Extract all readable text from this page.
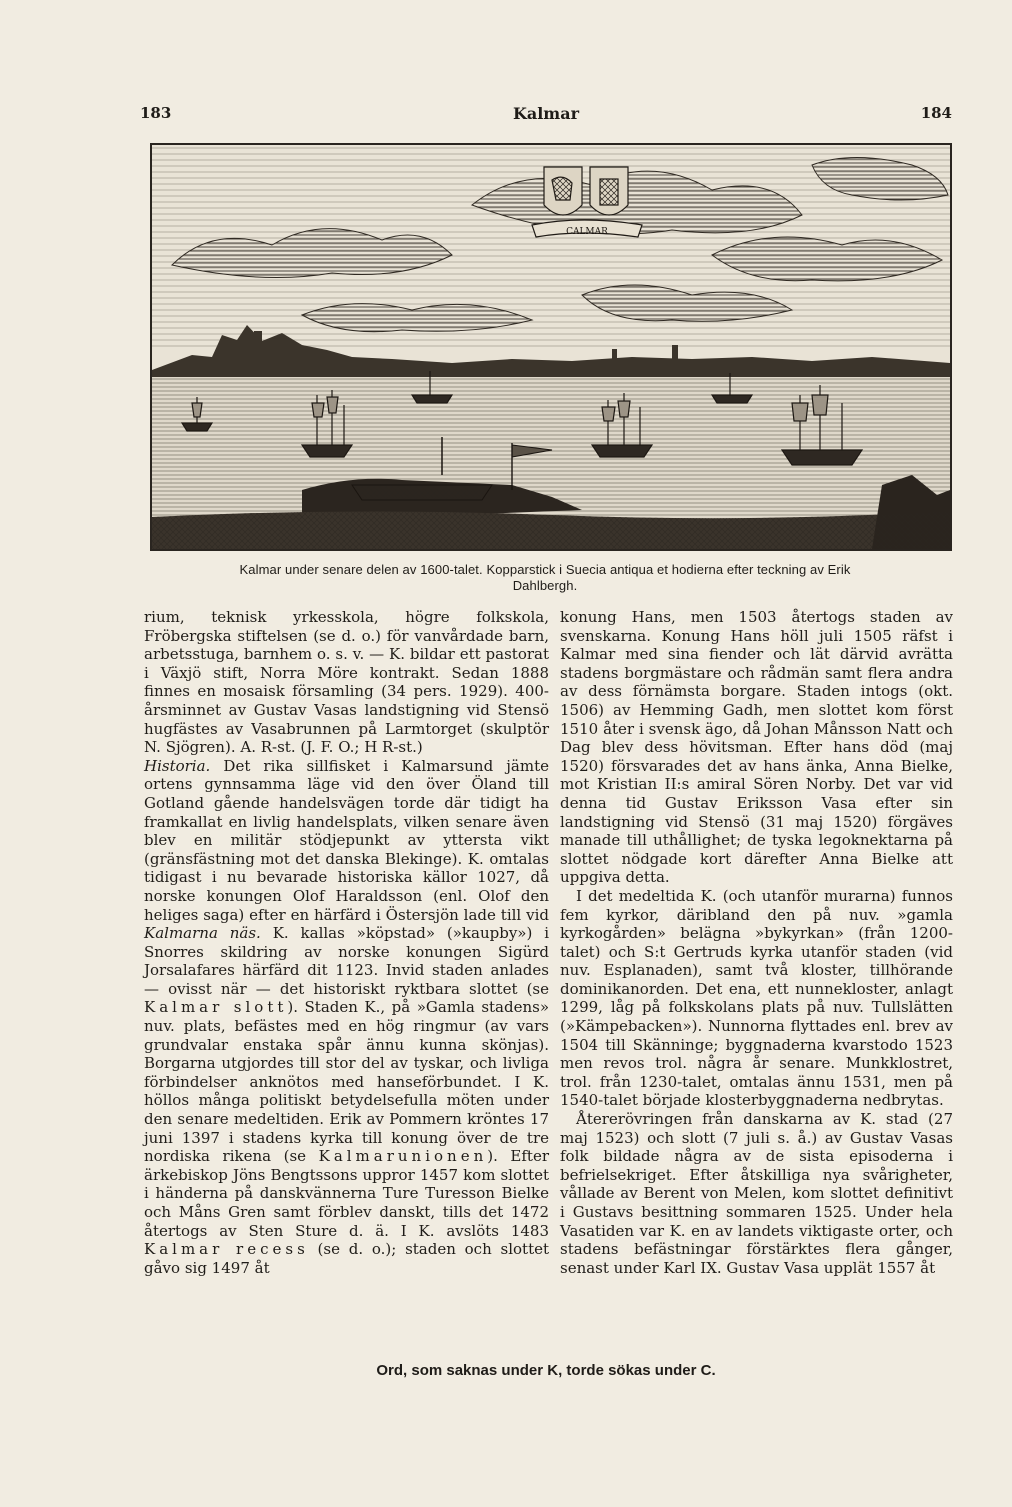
183	Kalmar	184
CALMAR
Kalmar under senare delen av 1600-talet. Kopparstick i Suecia antiqua et hodierna efter teckning av Erik
Dahlbergh.

rium, teknisk yrkesskola, högre folkskola, Fröbergska stiftelsen (se d. o.) för vanvårdade barn, arbetsstuga, barnhem o. s. v. — K. bildar ett pastorat i Växjö stift, Norra Möre kontrakt. Sedan 1888 finnes en mosaisk församling (34 pers. 1929). 400-årsminnet av Gustav Vasas landstigning vid Stensö hugfästes av Vasabrunnen på Larmtorget (skulptör N. Sjögren). A. R-st. (J. F. O.; H R-st.)

Historia. Det rika sillfisket i Kalmarsund jämte ortens gynnsamma läge vid den över Öland till Gotland gående handelsvägen torde där tidigt ha framkallat en livlig handelsplats, vilken senare även blev en militär stödjepunkt av yttersta vikt (gränsfästning mot det danska Blekinge). K. omtalas tidigast i nu bevarade historiska källor 1027, då norske konungen Olof Haraldsson (enl. Olof den heliges saga) efter en härfärd i Östersjön lade till vid Kalmarna näs. K. kallas »köpstad» (»kaupby») i Snorres skildring av norske konungen Sigürd Jorsalafares härfärd dit 1123. Invid staden anlades — ovisst när — det historiskt ryktbara slottet (se Kalmar slott). Staden K., på »Gamla stadens» nuv. plats, befästes med en hög ringmur (av vars grundvalar enstaka spår ännu kunna skönjas). Borgarna utgjordes till stor del av tyskar, och livliga förbindelser anknötos med hanseförbundet. I K. höllos många politiskt betydelsefulla möten under den senare medeltiden. Erik av Pommern kröntes 17 juni 1397 i stadens kyrka till konung över de tre nordiska rikena (se Kalmarunionen). Efter ärkebiskop Jöns Bengtssons uppror 1457 kom slottet i händerna på danskvännerna Ture Turesson Bielke och Måns Gren samt förblev danskt, tills det 1472 återtogs av Sten Sture d. ä. I K. avslöts 1483 Kalmar recess (se d. o.); staden och slottet gåvo sig 1497 åt

konung Hans, men 1503 återtogs staden av svenskarna. Konung Hans höll juli 1505 räfst i Kalmar med sina fiender och lät därvid avrätta stadens borgmästare och rådmän samt flera andra av dess förnämsta borgare. Staden intogs (okt. 1506) av Hemming Gadh, men slottet kom först 1510 åter i svensk ägo, då Johan Månsson Natt och Dag blev dess hövitsman. Efter hans död (maj 1520) försvarades det av hans änka, Anna Bielke, mot Kristian II:s amiral Sören Norby. Det var vid denna tid Gustav Eriksson Vasa efter sin landstigning vid Stensö (31 maj 1520) förgäves manade till uthållighet; de tyska legoknektarna på slottet nödgade kort därefter Anna Bielke att uppgiva detta.

I det medeltida K. (och utanför murarna) funnos fem kyrkor, däribland den på nuv. »gamla kyrkogården» belägna »bykyrkan» (från 1200-talet) och S:t Gertruds kyrka utanför staden (vid nuv. Esplanaden), samt två kloster, tillhörande dominikanorden. Det ena, ett nunnekloster, anlagt 1299, låg på folkskolans plats på nuv. Tullslätten (»Kämpebacken»). Nunnorna flyttades enl. brev av 1504 till Skänninge; byggnaderna kvarstodo 1523 men revos trol. några år senare. Munkklostret, trol. från 1230-talet, omtalas ännu 1531, men på 1540-talet började klosterbyggnaderna nedbrytas.

Återerövringen från danskarna av K. stad (27 maj 1523) och slott (7 juli s. å.) av Gustav Vasas folk bildade några av de sista episoderna i befrielsekriget. Efter åtskilliga nya svårigheter, vållade av Berent von Melen, kom slottet definitivt i Gustavs besittning sommaren 1525. Under hela Vasatiden var K. en av landets viktigaste orter, och stadens befästningar förstärktes flera gånger, senast under Karl IX. Gustav Vasa upplät 1557 åt

Ord, som saknas under K, torde sökas under C.
